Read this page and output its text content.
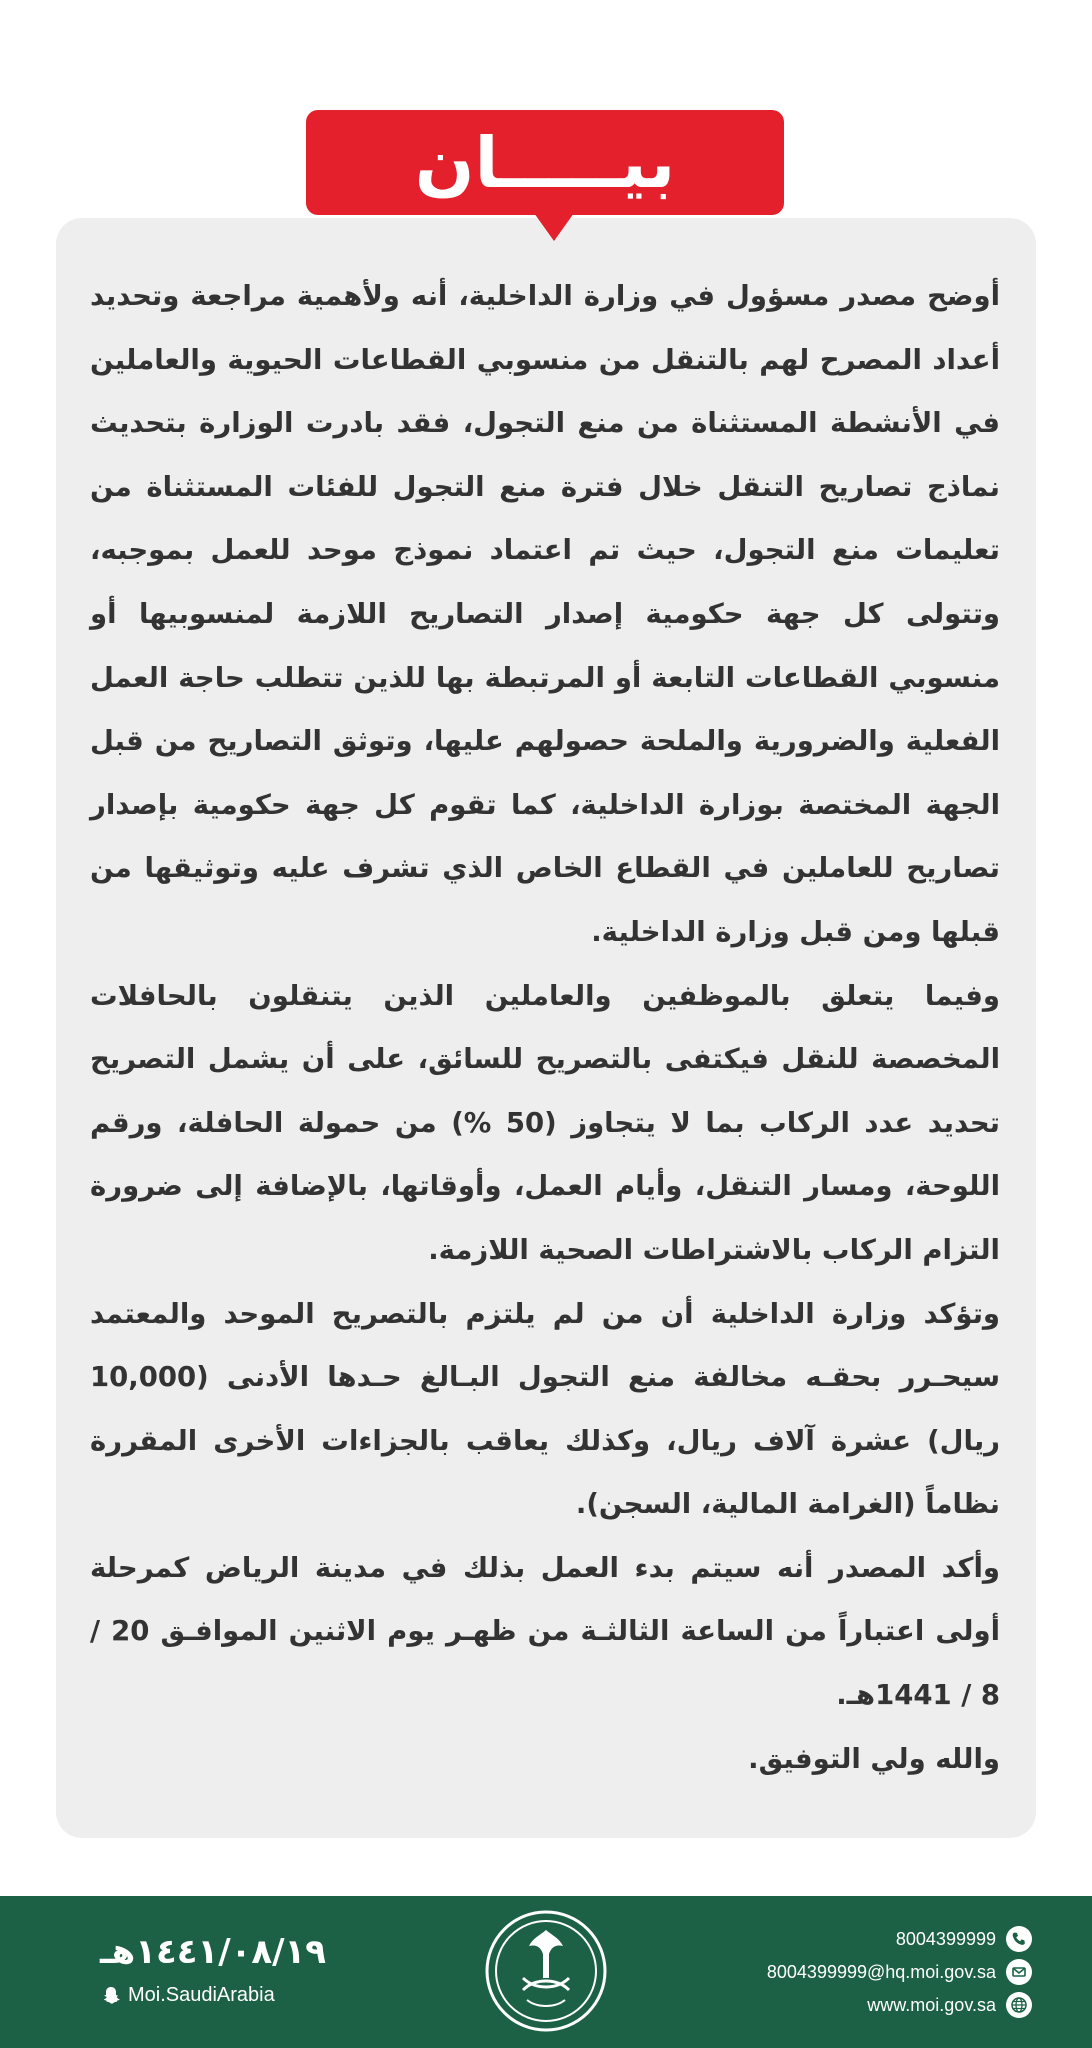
بيـــــان

أوضح مصدر مسؤول في وزارة الداخلية، أنه ولأهمية مراجعة وتحديد أعداد المصرح لهم بالتنقل من منسوبي القطاعات الحيوية والعاملين في الأنشطة المستثناة من منع التجول، فقد بادرت الوزارة بتحديث نماذج تصاريح التنقل خلال فترة منع التجول للفئات المستثناة من تعليمات منع التجول، حيث تم اعتماد نموذج موحد للعمل بموجبه، وتتولى كل جهة حكومية إصدار التصاريح اللازمة لمنسوبيها أو منسوبي القطاعات التابعة أو المرتبطة بها للذين تتطلب حاجة العمل الفعلية والضرورية والملحة حصولهم عليها، وتوثق التصاريح من قبل الجهة المختصة بوزارة الداخلية، كما تقوم كل جهة حكومية بإصدار تصاريح للعاملين في القطاع الخاص الذي تشرف عليه وتوثيقها من قبلها ومن قبل وزارة الداخلية.

وفيما يتعلق بالموظفين والعاملين الذين يتنقلون بالحافلات المخصصة للنقل فيكتفى بالتصريح للسائق، على أن يشمل التصريح تحديد عدد الركاب بما لا يتجاوز (50 %) من حمولة الحافلة، ورقم اللوحة، ومسار التنقل، وأيام العمل، وأوقاتها، بالإضافة إلى ضرورة التزام الركاب بالاشتراطات الصحية اللازمة.

وتؤكد وزارة الداخلية أن من لم يلتزم بالتصريح الموحد والمعتمد سيحـرر بحقـه مخالفة منع التجول البـالغ حـدها الأدنى (10,000 ريال) عشرة آلاف ريال، وكذلك يعاقب بالجزاءات الأخرى المقررة نظاماً (الغرامة المالية، السجن).

وأكد المصدر أنه سيتم بدء العمل بذلك في مدينة الرياض كمرحلة أولى اعتباراً من الساعة الثالثـة من ظهـر يوم الاثنين الموافـق 20 / 8 / 1441هـ.

والله ولي التوفيق.

١٤٤١/٠٨/١٩هـ
Moi.SaudiArabia
8004399999
8004399999@hq.moi.gov.sa
www.moi.gov.sa
